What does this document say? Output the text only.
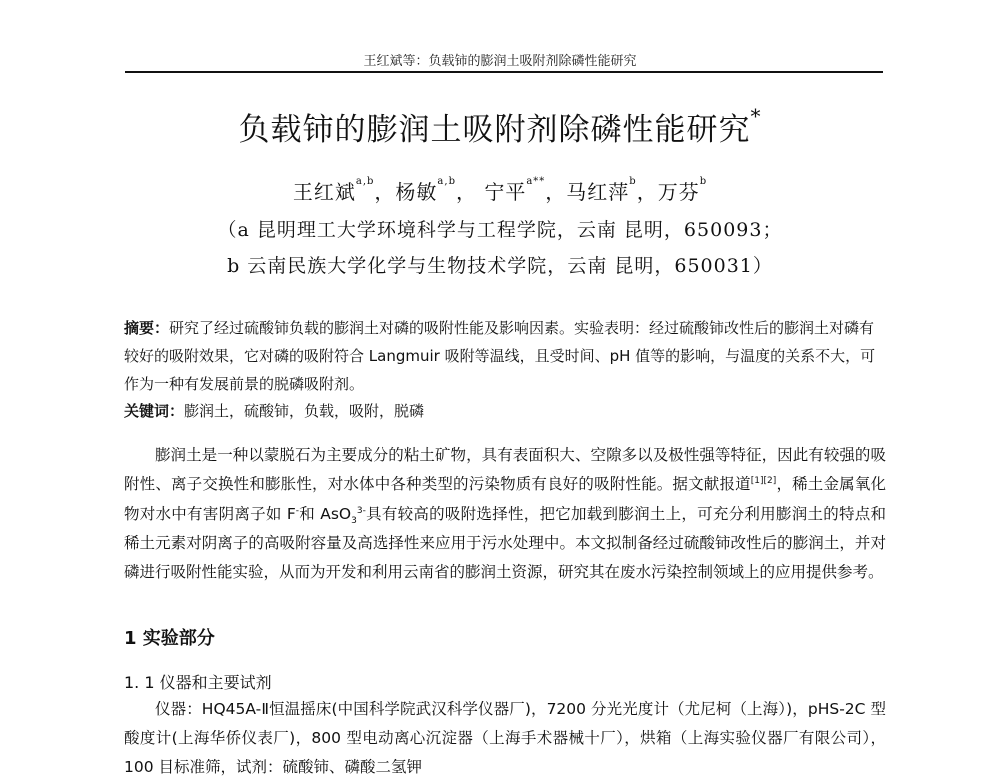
王红斌等：负载铈的膨润土吸附剂除磷性能研究
负载铈的膨润土吸附剂除磷性能研究*
王红斌$^{a,b}$，杨敏$^{a,b}$， 宁平$^{a**}$，马红萍$^b$，万芬$^b$
（a 昆明理工大学环境科学与工程学院，云南 昆明，650093；
b 云南民族大学化学与生物技术学院，云南 昆明，650031）
摘要：研究了经过硫酸铈负载的膨润土对磷的吸附性能及影响因素。实验表明：经过硫酸铈改性后的膨润土对磷有较好的吸附效果，它对磷的吸附符合 Langmuir 吸附等温线，且受时间、pH 值等的影响，与温度的关系不大，可作为一种有发展前景的脱磷吸附剂。
关键词：膨润土，硫酸铈，负载，吸附，脱磷
膨润土是一种以蒙脱石为主要成分的粘土矿物，具有表面积大、空隙多以及极性强等特征，因此有较强的吸附性、离子交换性和膨胀性，对水体中各种类型的污染物质有良好的吸附性能。据文献报道[1][2]，稀土金属氧化物对水中有害阴离子如 F-和 AsO$_3^{3-}$具有较高的吸附选择性，把它加载到膨润土上，可充分利用膨润土的特点和稀土元素对阴离子的高吸附容量及高选择性来应用于污水处理中。本文拟制备经过硫酸铈改性后的膨润土，并对磷进行吸附性能实验，从而为开发和利用云南省的膨润土资源，研究其在废水污染控制领域上的应用提供参考。
1 实验部分
1. 1 仪器和主要试剂
仪器：HQ45A-Ⅱ恒温摇床(中国科学院武汉科学仪器厂)，7200 分光光度计（尤尼柯（上海）)，pHS-2C 型酸度计(上海华侨仪表厂)，800 型电动离心沉淀器（上海手术器械十厂），烘箱（上海实验仪器厂有限公司），100 目标准筛，试剂：硫酸铈、磷酸二氢钾
